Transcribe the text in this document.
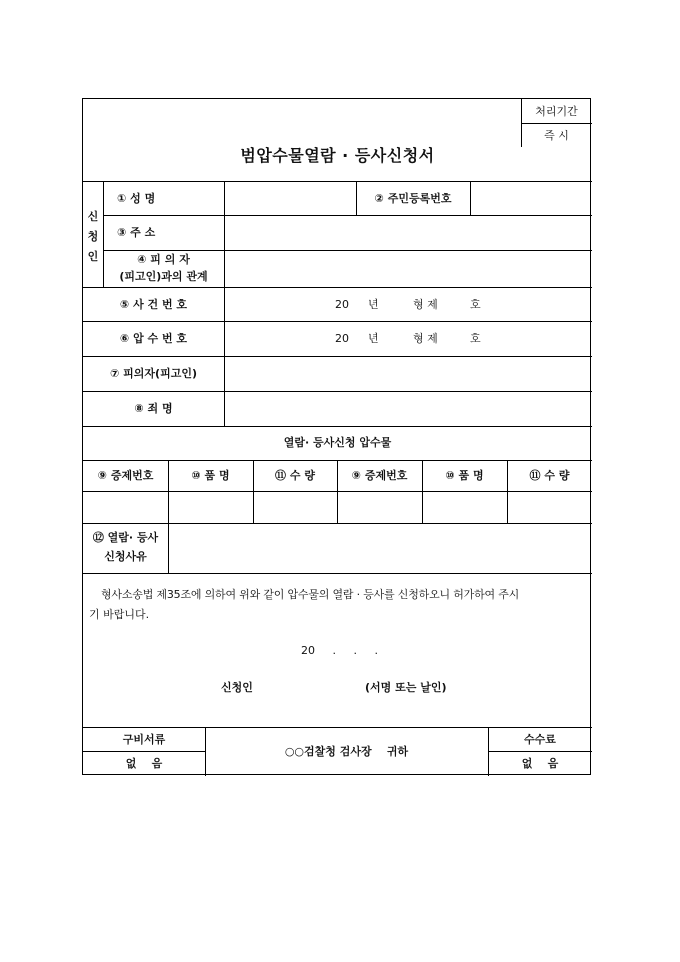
처리기간
즉 시
범압수물열람 · 등사신청서
신
청
인
① 성 명	② 주민등록번호
③ 주 소
④ 피 의 자
(피고인)과의 관계
⑤ 사 건 번 호	20 년	형 제	호
⑥ 압 수 번 호	20 년	형 제	호
⑦ 피의자(피고인)
⑧ 죄 명
열람· 등사신청 압수물
⑨ 증제번호	⑩ 품 명	⑪ 수 량	⑨ 증제번호	⑩ 품 명	⑪ 수 량
⑫ 열람· 등사
신청사유
형사소송법 제35조에 의하여 위와 같이 압수물의 열람 · 등사를 신청하오니 허가하여 주시
기 바랍니다.
20     .     .     .
신청인	(서명 또는 날인)
구비서류
없    음
○○검찰청 검사장    귀하
수수료
없    음
